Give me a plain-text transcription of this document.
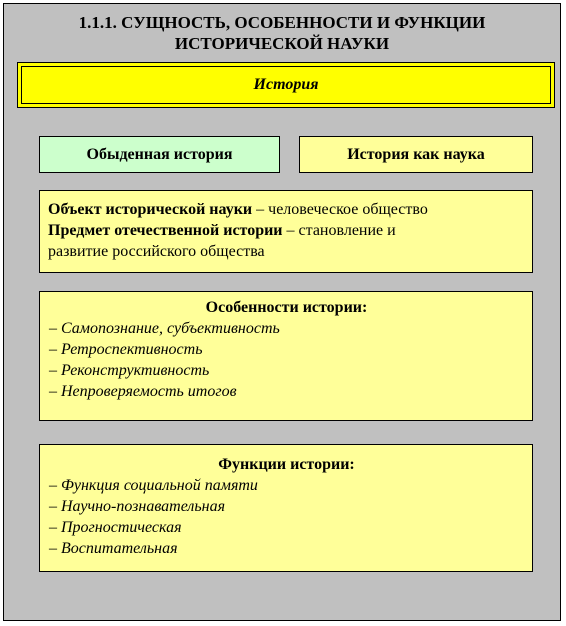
1.1.1. СУЩНОСТЬ, ОСОБЕННОСТИ И ФУНКЦИИ
ИСТОРИЧЕСКОЙ НАУКИ
История
Обыденная история	История как наука
Объект исторической науки – человеческое общество
Предмет отечественной истории – становление и
развитие российского общества
Особенности истории:
– Самопознание, субъективность
– Ретроспективность
– Реконструктивность
– Непроверяемость итогов
Функции истории:
– Функция социальной памяти
– Научно-познавательная
– Прогностическая
– Воспитательная
